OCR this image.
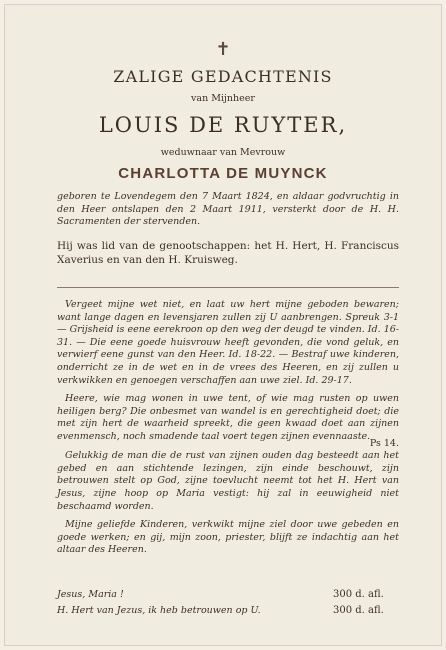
✝
ZALIGE GEDACHTENIS
van Mijnheer
LOUIS DE RUYTER,
weduwnaar van Mevrouw
CHARLOTTA DE MUYNCK
geboren te Lovendegem den 7 Maart 1824, en aldaar godvruchtig in den Heer ontslapen den 2 Maart 1911, versterkt door de H. H. Sacramenten der stervenden.
Hij was lid van de genootschappen: het H. Hert, H. Franciscus Xaverius en van den H. Kruisweg.

Vergeet mijne wet niet, en laat uw hert mijne geboden bewaren; want lange dagen en levensjaren zullen zij U aanbrengen. Spreuk 3-1 — Grijsheid is eene eerekroon op den weg der deugd te vinden. Id. 16-31. — Die eene goede huisvrouw heeft gevonden, die vond geluk, en verwierf eene gunst van den Heer. Id. 18-22. — Bestraf uwe kinderen, onderricht ze in de wet en in de vrees des Heeren, en zij zullen u verkwikken en genoegen verschaffen aan uwe ziel. Id. 29-17.

Heere, wie mag wonen in uwe tent, of wie mag rusten op uwen heiligen berg? Die onbesmet van wandel is en gerechtigheid doet; die met zijn hert de waarheid spreekt, die geen kwaad doet aan zijnen evenmensch, noch smadende taal voert tegen zijnen evennaaste.

Ps 14.

Gelukkig de man die de rust van zijnen ouden dag besteedt aan het gebed en aan stichtende lezingen, zijn einde beschouwt, zijn betrouwen stelt op God, zijne toevlucht neemt tot het H. Hert van Jesus, zijne hoop op Maria vestigt: hij zal in eeuwigheid niet beschaamd worden.

Mijne geliefde Kinderen, verkwikt mijne ziel door uwe gebeden en goede werken; en gij, mijn zoon, priester, blijft ze indachtig aan het altaar des Heeren.

Jesus, Maria !	300 d. afl.
H. Hert van Jezus, ik heb betrouwen op U.	300 d. afl.
